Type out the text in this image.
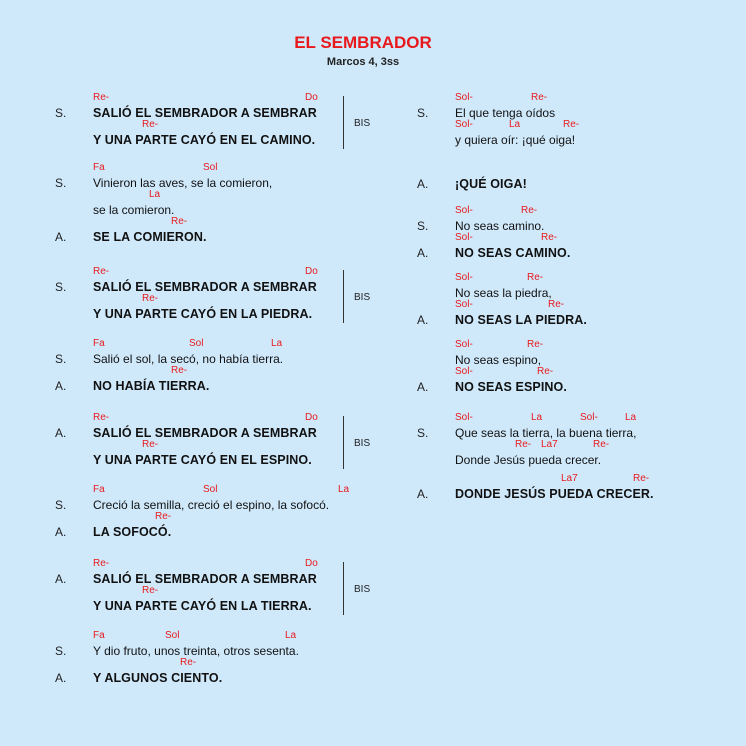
EL SEMBRADOR
Marcos 4, 3ss
Re-	Do
S. SALIÓ EL SEMBRADOR A SEMBRAR
Re-
Y UNA PARTE CAYÓ EN EL CAMINO.
Fa	Sol
S. Vinieron las aves, se la comieron,
La
se la comieron.
Re-
A. SE LA COMIERON.
Re-	Do
S. SALIÓ EL SEMBRADOR A SEMBRAR
Re-
Y UNA PARTE CAYÓ EN LA PIEDRA.
Fa	Sol	La
S. Salió el sol, la secó, no había tierra.
Re-
A. NO HABÍA TIERRA.
Re-	Do
A. SALIÓ EL SEMBRADOR A SEMBRAR
Re-
Y UNA PARTE CAYÓ EN EL ESPINO.
Fa	Sol	La
S. Creció la semilla, creció el espino, la sofocó.
Re-
A. LA SOFOCÓ.
Re-	Do
A. SALIÓ EL SEMBRADOR A SEMBRAR
Re-
Y UNA PARTE CAYÓ EN LA TIERRA.
Fa	Sol	La
S. Y dio fruto, unos treinta, otros sesenta.
Re-
A. Y ALGUNOS CIENTO.
BIS
BIS
BIS
BIS
Sol-	Re-
S. El que tenga oídos
Sol-	La	Re-
y quiera oír: ¡qué oiga!
A. ¡QUÉ OIGA!
Sol-	Re-
S. No seas camino.
Sol-	Re-
A. NO SEAS CAMINO.
Sol-	Re-
No seas la piedra,
Sol-	Re-
A. NO SEAS LA PIEDRA.
Sol-	Re-
No seas espino,
Sol-	Re-
A. NO SEAS ESPINO.
Sol-	La	Sol-	La
S. Que seas la tierra, la buena tierra,
Re- La7	Re-
Donde Jesús pueda crecer.
La7	Re-
A. DONDE JESÚS PUEDA CRECER.
